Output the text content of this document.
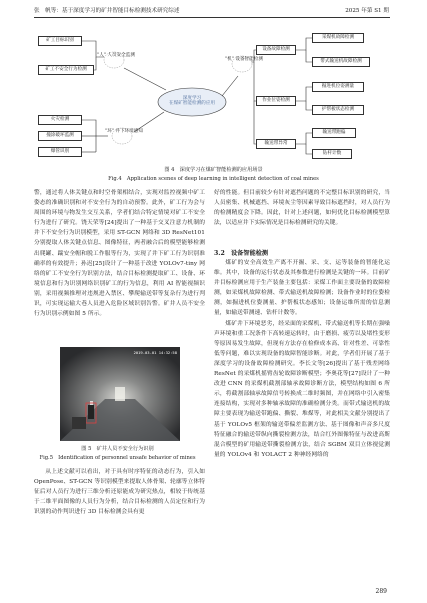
张　帆等：基于深度学习的矿井智能目标检测技术研究综述	2025 年第 S1 期
矿工目标识别
矿工不安全行为检测
火灾检测
撞涂破坏监测
爆管识别
"人" 人员安全监测
"机" 设备智能检测
"环" 井下环境感知
深度学习
在煤矿智能检测的应用
设备故障检测
作业位姿检测
输送带异常
采煤机故障检测
带式输送机故障检测
掘进机位姿测量
护帮板状态检测
输送带跑偏
钻杆计数
图 4　深度学习在煤矿智能检测的应用场景
Fig.4　Application scenes of deep learning in intelligent detection of coal mines

警，通过将人体关键点和时空骨架相结合，实现对监控视频中矿工姿态的准确识别和对不安全行为的自动预警。此外，矿工行为会与周围的环境与物发生交互关系，学者们结合特定情境对矿工不安全行为进行了研究。饶天荣等[24]提出了一种基于交叉注意力机制的井下不安全行为识别模型，采用 ST-GCN 网络和 3D ResNet101 分别提取人体关键点信息、图像特征，两者融合后的模型能够检测出爬罐、踹安全帽和脱工作服等行为，实现了井下矿工行为识别准确率的有效提升；孙迟[25]设计了一种基于改进 YOLOv7-tiny 网络的矿工不安全行为识别方法，结合目标检测提取矿工、设备、环境信息和行为识别网络识别矿工的行为信息，利用 AI 智能视频识别，采用视频推理对违规进入禁区、攀爬输送带等复杂行为进行判识，可实现运输大巷人员进入危险区域识别告警。矿井人员不安全行为识别示例如图 5 所示。

2019-03-01 14:32:58
图 5　矿井人员不安全行为识别
Fig.5　Identification of personnel unsafe behavior of mines

从上述文献可以看出，对于具有时序特征的动态行为，引入如 OpenPose、ST-GCN 等识别模型来提取人体骨架、轮廓等立体特征后对人员行为进行三维分析还原能成为研究热点，相较于传统基于二维平面图像的人员行为分析，结合目标检测的人员定位和行为识别的动作判识进行 3D 目标检测会具有更

好的性能。但目前较少有针对遮挡问题的不完整目标识别的研究，当人员密集、机械遮挡、环境灰尘等因素导致目标遮挡时，对人员行为的检测精度会下降。因此，针对上述问题，如何优化目标检测模型算法，以适应井下实际情况是目标检测研究的关键。

3.2　设备智能检测

煤矿的安全高效生产离不开掘、采、支、运等装备的智能化运维。其中，设备的运行状态及其参数进行检测是关键的一环。目前矿井目标检测应用于生产装备主要包括：采煤工作面主要设备的故障检测，如采煤机故障检测、带式输送机故障检测；设备作业时的位姿检测，如掘进机位姿测量、护帮板状态感知；设备运维所需的信息测量，如输送带测速、钻杆计数等。

煤矿井下环境恶劣，经采面的采煤机、带式输送机等长期在强噪声环境和重工况条件下高转速运转时，由于磨损、疲劳以及堵性变形等原因易发生故障，但现有方法存在检修成本高、针对性差、可靠性低等问题，难以实现设备的故障智能诊断。对此，学者们开展了基于深度学习的设备故障检测研究。李长文等[26]提出了基于残差网络 ResNet 的采煤机摇臂齿轮故障诊断模型；李奥花等[27]设计了一种改进 CNN 的采煤机截割部轴承故障诊断方法，模型结构如图 6 所示，将截割部轴承故障信号转换成二维时频图，并在网络中引入密集连接结构，实现对多种轴承故障的准确检测分类。而带式输送机的故障主要表现为输送带跑偏、撕裂、堆煤等，对此相关文献分别提出了基于 YOLOv5 框架的输送带偏差监测方法、基于图像和声音多尺度特征融合的输送带纵向撕裂检测方法，结合红外图像特征与改进高斯混合模型的矿用输送带撕裂检测方法，结合 SGBM 双目立体视觉测量的 YOLOv4 和 YOLACT 2 种神经网络的

289
